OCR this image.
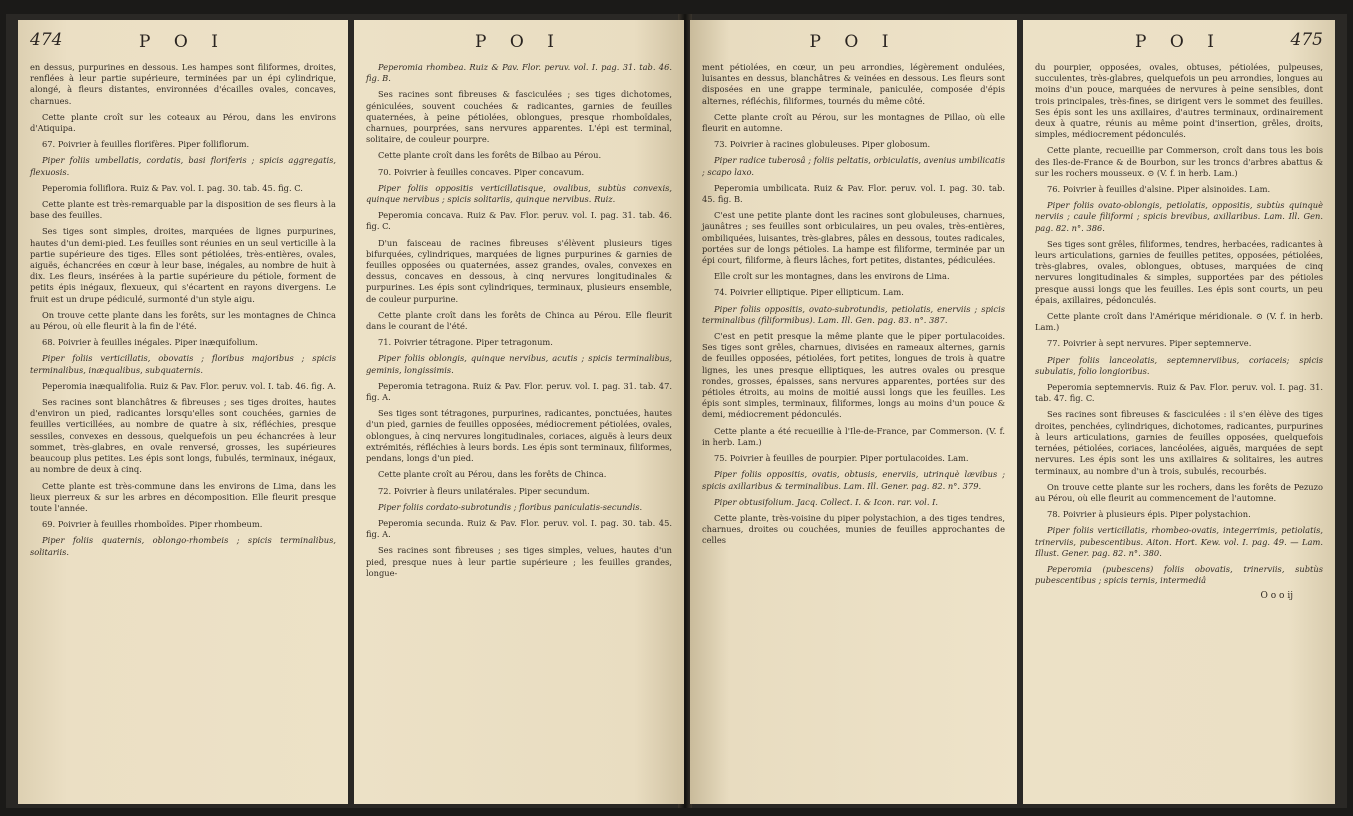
474	P O I

en dessus, purpurines en dessous. Les hampes sont filiformes, droites, renflées à leur partie supérieure, terminées par un épi cylindrique, alongé, à fleurs distantes, environnées d'écailles ovales, concaves, charnues.

Cette plante croît sur les coteaux au Pérou, dans les environs d'Atiquipa.

67. Poivrier à feuilles florifères. Piper folliflorum.

Piper foliis umbellatis, cordatis, basi floriferis ; spicis aggregatis, flexuosis.

Peperomia folliflora. Ruiz & Pav. vol. I. pag. 30. tab. 45. fig. C.

Cette plante est très-remarquable par la disposition de ses fleurs à la base des feuilles.

Ses tiges sont simples, droites, marquées de lignes purpurines, hautes d'un demi-pied. Les feuilles sont réunies en un seul verticille à la partie supérieure des tiges. Elles sont pétiolées, très-entières, ovales, aiguës, échancrées en cœur à leur base, inégales, au nombre de huit à dix. Les fleurs, insérées à la partie supérieure du pétiole, forment de petits épis inégaux, flexueux, qui s'écartent en rayons divergens. Le fruit est un drupe pédiculé, surmonté d'un style aigu.

On trouve cette plante dans les forêts, sur les montagnes de Chinca au Pérou, où elle fleurit à la fin de l'été.

68. Poivrier à feuilles inégales. Piper inæquifolium.

Piper foliis verticillatis, obovatis ; floribus majoribus ; spicis terminalibus, inæqualibus, subquaternis.

Peperomia inæqualifolia. Ruiz & Pav. Flor. peruv. vol. I. tab. 46. fig. A.

Ses racines sont blanchâtres & fibreuses ; ses tiges droites, hautes d'environ un pied, radicantes lorsqu'elles sont couchées, garnies de feuilles verticillées, au nombre de quatre à six, réfléchies, presque sessiles, convexes en dessous, quelquefois un peu échancrées à leur sommet, très-glabres, en ovale renversé, grosses, les supérieures beaucoup plus petites. Les épis sont longs, fubulés, terminaux, inégaux, au nombre de deux à cinq.

Cette plante est très-commune dans les environs de Lima, dans les lieux pierreux & sur les arbres en décomposition. Elle fleurit presque toute l'année.

69. Poivrier à feuilles rhomboïdes. Piper rhombeum.

Piper foliis quaternis, oblongo-rhombeis ; spicis terminalibus, solitariis.

P O I

Peperomia rhombea. Ruiz & Pav. Flor. peruv. vol. I. pag. 31. tab. 46. fig. B.

Ses racines sont fibreuses & fasciculées ; ses tiges dichotomes, géniculées, souvent couchées & radicantes, garnies de feuilles quaternées, à peine pétiolées, oblongues, presque rhomboïdales, charnues, pourprées, sans nervures apparentes. L'épi est terminal, solitaire, de couleur pourpre.

Cette plante croît dans les forêts de Bilbao au Pérou.

70. Poivrier à feuilles concaves. Piper concavum.

Piper foliis oppositis verticillatisque, ovalibus, subtùs convexis, quinque nervibus ; spicis solitariis, quinque nervibus. Ruiz.

Peperomia concava. Ruiz & Pav. Flor. peruv. vol. I. pag. 31. tab. 46. fig. C.

D'un faisceau de racines fibreuses s'élèvent plusieurs tiges bifurquées, cylindriques, marquées de lignes purpurines & garnies de feuilles opposées ou quaternées, assez grandes, ovales, convexes en dessus, concaves en dessous, à cinq nervures longitudinales & purpurines. Les épis sont cylindriques, terminaux, plusieurs ensemble, de couleur purpurine.

Cette plante croît dans les forêts de Chinca au Pérou. Elle fleurit dans le courant de l'été.

71. Poivrier tétragone. Piper tetragonum.

Piper foliis oblongis, quinque nervibus, acutis ; spicis terminalibus, geminis, longissimis.

Peperomia tetragona. Ruiz & Pav. Flor. peruv. vol. I. pag. 31. tab. 47. fig. A.

Ses tiges sont tétragones, purpurines, radicantes, ponctuées, hautes d'un pied, garnies de feuilles opposées, médiocrement pétiolées, ovales, oblongues, à cinq nervures longitudinales, coriaces, aiguës à leurs deux extrémités, réfléchies à leurs bords. Les épis sont terminaux, filiformes, pendans, longs d'un pied.

Cette plante croît au Pérou, dans les forêts de Chinca.

72. Poivrier à fleurs unilatérales. Piper secundum.

Piper foliis cordato-subrotundis ; floribus paniculatis-secundis.

Peperomia secunda. Ruiz & Pav. Flor. peruv. vol. I. pag. 30. tab. 45. fig. A.

Ses racines sont fibreuses ; ses tiges simples, velues, hautes d'un pied, presque nues à leur partie supérieure ; les feuilles grandes, longue-

P O I

ment pétiolées, en cœur, un peu arrondies, légèrement ondulées, luisantes en dessus, blanchâtres & veinées en dessous. Les fleurs sont disposées en une grappe terminale, paniculée, composée d'épis alternes, réfléchis, filiformes, tournés du même côté.

Cette plante croît au Pérou, sur les montagnes de Pillao, où elle fleurit en automne.

73. Poivrier à racines globuleuses. Piper globosum.

Piper radice tuberosâ ; foliis peltatis, orbiculatis, avenius umbilicatis ; scapo laxo.

Peperomia umbilicata. Ruiz & Pav. Flor. peruv. vol. I. pag. 30. tab. 45. fig. B.

C'est une petite plante dont les racines sont globuleuses, charnues, jaunâtres ; ses feuilles sont orbiculaires, un peu ovales, très-entières, ombiliquées, luisantes, très-glabres, pâles en dessous, toutes radicales, portées sur de longs pétioles. La hampe est filiforme, terminée par un épi court, filiforme, à fleurs lâches, fort petites, distantes, pédiculées.

Elle croît sur les montagnes, dans les environs de Lima.

74. Poivrier elliptique. Piper ellipticum. Lam.

Piper foliis oppositis, ovato-subrotundis, petiolatis, enerviis ; spicis terminalibus (filiformibus). Lam. Ill. Gen. pag. 83. n°. 387.

C'est en petit presque la même plante que le piper portulacoides. Ses tiges sont grêles, charnues, divisées en rameaux alternes, garnis de feuilles opposées, pétiolées, fort petites, longues de trois à quatre lignes, les unes presque elliptiques, les autres ovales ou presque rondes, grosses, épaisses, sans nervures apparentes, portées sur des pétioles étroits, au moins de moitié aussi longs que les feuilles. Les épis sont simples, terminaux, filiformes, longs au moins d'un pouce & demi, médiocrement pédonculés.

Cette plante a été recueillie à l'Ile-de-France, par Commerson. (V. f. in herb. Lam.)

75. Poivrier à feuilles de pourpier. Piper portulacoides. Lam.

Piper foliis oppositis, ovatis, obtusis, enerviis, utrinquè lævibus ; spicis axillaribus & terminalibus. Lam. Ill. Gener. pag. 82. n°. 379.

Piper obtusifolium. Jacq. Collect. I. & Icon. rar. vol. I.

Cette plante, très-voisine du piper polystachion, a des tiges tendres, charnues, droites ou couchées, munies de feuilles approchantes de celles

P O I	475

du pourpier, opposées, ovales, obtuses, pétiolées, pulpeuses, succulentes, très-glabres, quelquefois un peu arrondies, longues au moins d'un pouce, marquées de nervures à peine sensibles, dont trois principales, très-fines, se dirigent vers le sommet des feuilles. Ses épis sont les uns axillaires, d'autres terminaux, ordinairement deux à quatre, réunis au même point d'insertion, grêles, droits, simples, médiocrement pédonculés.

Cette plante, recueillie par Commerson, croît dans tous les bois des Iles-de-France & de Bourbon, sur les troncs d'arbres abattus & sur les rochers mousseux. ⊙ (V. f. in herb. Lam.)

76. Poivrier à feuilles d'alsine. Piper alsinoides. Lam.

Piper foliis ovato-oblongis, petiolatis, oppositis, subtùs quinquè nerviis ; caule filiformi ; spicis brevibus, axillaribus. Lam. Ill. Gen. pag. 82. n°. 386.

Ses tiges sont grêles, filiformes, tendres, herbacées, radicantes à leurs articulations, garnies de feuilles petites, opposées, pétiolées, très-glabres, ovales, oblongues, obtuses, marquées de cinq nervures longitudinales & simples, supportées par des pétioles presque aussi longs que les feuilles. Les épis sont courts, un peu épais, axillaires, pédonculés.

Cette plante croît dans l'Amérique méridionale. ⊙ (V. f. in herb. Lam.)

77. Poivrier à sept nervures. Piper septemnerve.

Piper foliis lanceolatis, septemnerviibus, coriaceis; spicis subulatis, folio longioribus.

Peperomia septemnervis. Ruiz & Pav. Flor. peruv. vol. I. pag. 31. tab. 47. fig. C.

Ses racines sont fibreuses & fasciculées : il s'en élève des tiges droites, penchées, cylindriques, dichotomes, radicantes, purpurines à leurs articulations, garnies de feuilles opposées, quelquefois ternées, pétiolées, coriaces, lancéolées, aiguës, marquées de sept nervures. Les épis sont les uns axillaires & solitaires, les autres terminaux, au nombre d'un à trois, subulés, recourbés.

On trouve cette plante sur les rochers, dans les forêts de Pezuzo au Pérou, où elle fleurit au commencement de l'automne.

78. Poivrier à plusieurs épis. Piper polystachion.

Piper foliis verticillatis, rhombeo-ovatis, integerrimis, petiolatis, trinerviis, pubescentibus. Aiton. Hort. Kew. vol. I. pag. 49. — Lam. Illust. Gener. pag. 82. n°. 380.

Peperomia (pubescens) foliis obovatis, trinerviis, subtùs pubescentibus ; spicis ternis, intermediâ

O o o ij
